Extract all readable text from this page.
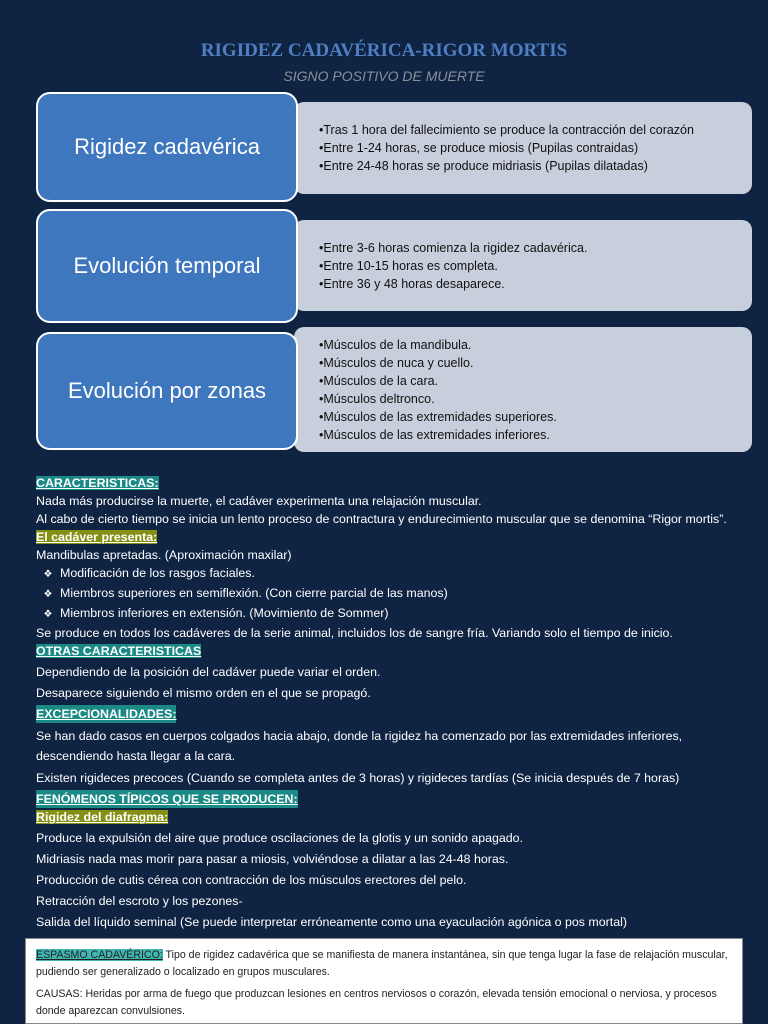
RIGIDEZ CADAVÉRICA-RIGOR MORTIS
SIGNO POSITIVO DE MUERTE
• Tras 1 hora del fallecimiento se produce la contracción del corazón
• Entre 1-24 horas, se produce miosis (Pupilas contraidas)
• Entre 24-48 horas se produce midriasis (Pupilas dilatadas)
Rigidez cadavérica
• Entre 3-6 horas comienza la rigidez cadavérica.
• Entre 10-15 horas es completa.
• Entre 36 y 48 horas desaparece.
Evolución temporal
• Músculos de la mandibula.
• Músculos de nuca y cuello.
• Músculos de la cara.
• Músculos deltronco.
• Músculos de las extremidades superiores.
• Músculos de las extremidades inferiores.
Evolución por zonas
CARACTERISTICAS:
Nada más producirse la muerte, el cadáver experimenta una relajación muscular.
Al cabo de cierto tiempo se inicia un lento proceso de contractura y endurecimiento muscular que se denomina “Rigor mortis”.
El cadáver presenta:
Mandibulas apretadas. (Aproximación maxilar)
❖ Modificación de los rasgos faciales.
❖ Miembros superiores en semiflexión. (Con cierre parcial de las manos)
❖ Miembros inferiores en extensión. (Movimiento de Sommer)
Se produce en todos los cadáveres de la serie animal, incluidos los de sangre fría. Variando solo el tiempo de inicio.
OTRAS CARACTERISTICAS
Dependiendo de la posición del cadáver puede variar el orden.
Desaparece siguiendo el mismo orden en el que se propagó.
EXCEPCIONALIDADES:
Se han dado casos en cuerpos colgados hacia abajo, donde la rigidez ha comenzado por las extremidades inferiores, descendiendo hasta llegar a la cara.
Existen rigideces precoces (Cuando se completa antes de 3 horas) y rigideces tardías (Se inicia después de 7 horas)
FENÓMENOS TÍPICOS QUE SE PRODUCEN:
Rigidez del diafragma:
Produce la expulsión del aire que produce oscilaciones de la glotis y un sonido apagado.
Midriasis nada mas morir para pasar a miosis, volviéndose a dilatar a las 24-48 horas.
Producción de cutis cérea con contracción de los músculos erectores del pelo.
Retracción del escroto y los pezones-
Salida del líquido seminal (Se puede interpretar erróneamente como una eyaculación agónica o pos mortal)
ESPASMO CADAVÉRICO: Tipo de rigidez cadavérica que se manifiesta de manera instantánea, sin que tenga lugar la fase de relajación muscular, pudiendo ser generalizado o localizado en grupos musculares.
CAUSAS: Heridas por arma de fuego que produzcan lesiones en centros nerviosos o corazón, elevada tensión emocional o nerviosa, y procesos donde aparezcan convulsiones.
